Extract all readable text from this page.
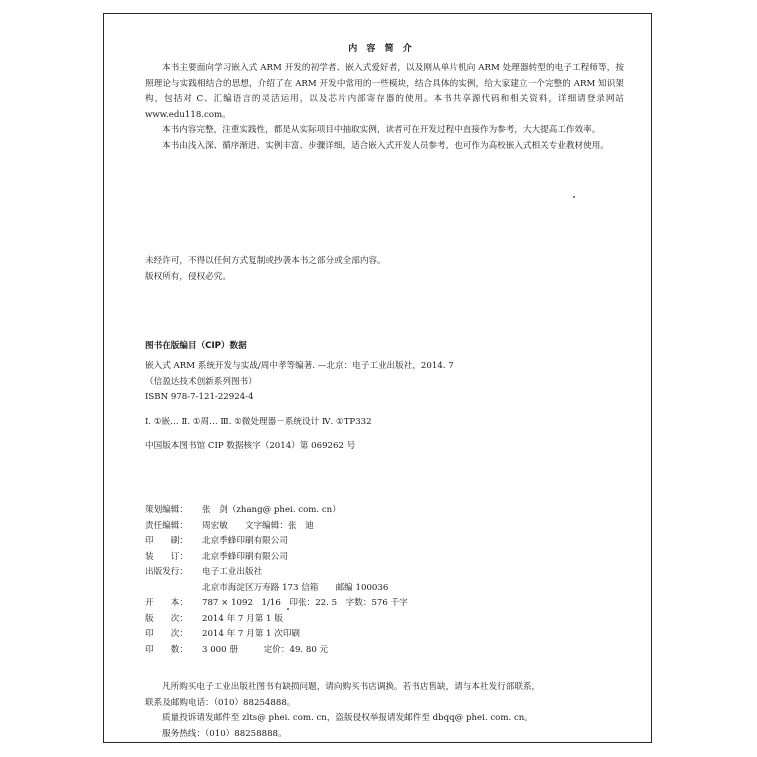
内 容 简 介

本书主要面向学习嵌入式 ARM 开发的初学者、嵌入式爱好者，以及刚从单片机向 ARM 处理器转型的电子工程师等，按照理论与实践相结合的思想，介绍了在 ARM 开发中常用的一些模块，结合具体的实例，给大家建立一个完整的 ARM 知识架构，包括对 C、汇编语言的灵活运用，以及芯片内部寄存器的使用。本书共享源代码和相关资料，详细请登录网站 www.edu118.com。

本书内容完整，注重实践性，都是从实际项目中抽取实例，读者可在开发过程中直接作为参考，大大提高工作效率。

本书由浅入深、循序渐进、实例丰富、步骤详细，适合嵌入式开发人员参考，也可作为高校嵌入式相关专业教材使用。

未经许可，不得以任何方式复制或抄袭本书之部分或全部内容。
版权所有，侵权必究。
图书在版编目（CIP）数据
嵌入式 ARM 系统开发与实战/周中孝等编著. —北京：电子工业出版社，2014. 7
（信盈达技术创新系列图书）
ISBN 978-7-121-22924-4
Ⅰ. ①嵌… Ⅱ. ①周… Ⅲ. ①微处理器－系统设计 Ⅳ. ①TP332
中国版本图书馆 CIP 数据核字（2014）第 069262 号
策划编辑：	张　剑（zhang@ phei. com. cn）
责任编辑：	周宏敏　　文字编辑：张　迪
印　　刷：	北京季蜂印刷有限公司
装　　订：	北京季蜂印刷有限公司
出版发行：	电子工业出版社
北京市海淀区万寿路 173 信箱　　邮编 100036
开　　本：	787 × 1092　1/16　印张：22. 5　字数：576 千字
版　　次：	2014 年 7 月第 1 版
印　　次：	2014 年 7 月第 1 次印刷
印　　数：	3 000 册　　　定价：49. 80 元
凡所购买电子工业出版社图书有缺损问题，请向购买书店调换。若书店售缺，请与本社发行部联系，
联系及邮购电话：（010）88254888。
质量投诉请发邮件至 zlts@ phei. com. cn，盗版侵权举报请发邮件至 dbqq@ phei. com. cn。
服务热线：（010）88258888。
